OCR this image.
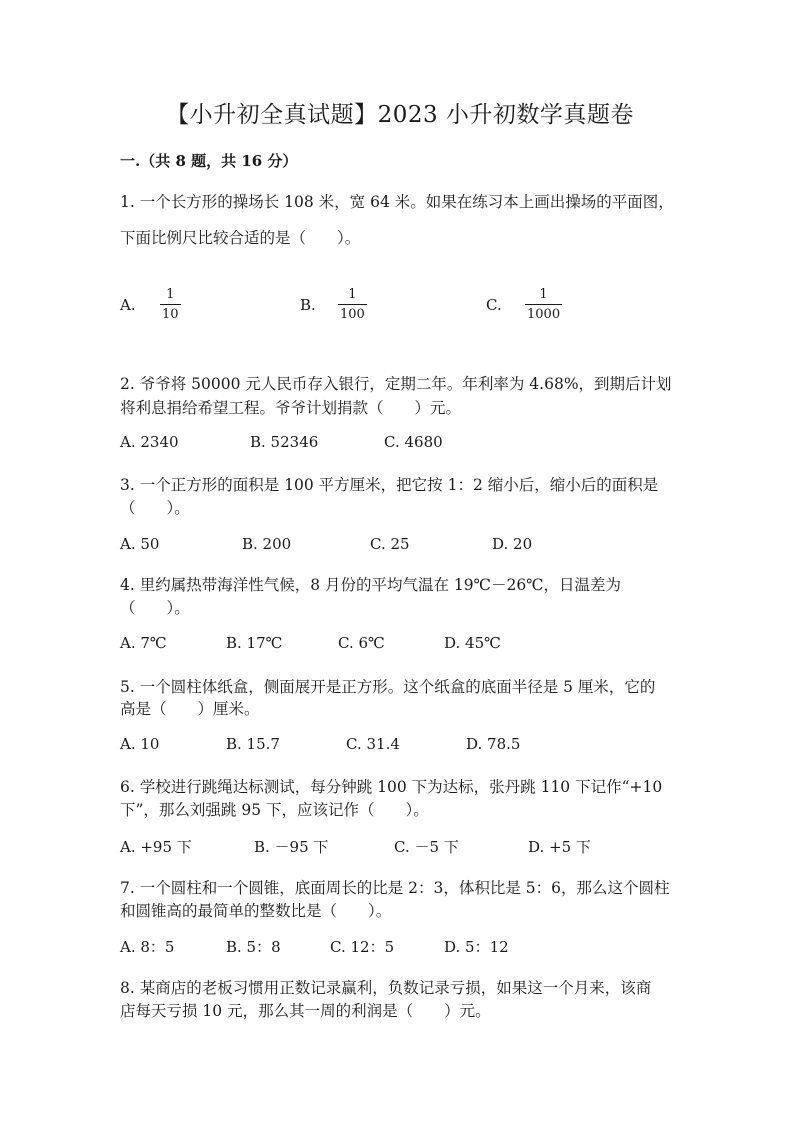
【小升初全真试题】2023 小升初数学真题卷
一.（共 8 题，共 16 分）
1. 一个长方形的操场长 108 米，宽 64 米。如果在练习本上画出操场的平面图，
下面比例尺比较合适的是（　　）。
A. $\frac{1}{10}$	B. $\frac{1}{100}$	C. $\frac{1}{1000}$
2. 爷爷将 50000 元人民币存入银行，定期二年。年利率为 4.68%，到期后计划
将利息捐给希望工程。爷爷计划捐款（　　）元。
A. 2340	B. 52346	C. 4680
3. 一个正方形的面积是 100 平方厘米，把它按 1：2 缩小后，缩小后的面积是
（　　）。
A. 50	B. 200	C. 25	D. 20
4. 里约属热带海洋性气候，8 月份的平均气温在 19℃－26℃，日温差为
（　　）。
A. 7℃	B. 17℃	C. 6℃	D. 45℃
5. 一个圆柱体纸盒，侧面展开是正方形。这个纸盒的底面半径是 5 厘米，它的
高是（　　）厘米。
A. 10	B. 15.7	C. 31.4	D. 78.5
6. 学校进行跳绳达标测试，每分钟跳 100 下为达标，张丹跳 110 下记作“+10
下”，那么刘强跳 95 下，应该记作（　　）。
A. +95 下	B. －95 下	C. －5 下	D. +5 下
7. 一个圆柱和一个圆锥，底面周长的比是 2：3，体积比是 5：6，那么这个圆柱
和圆锥高的最简单的整数比是（　　）。
A. 8：5	B. 5：8	C. 12：5	D. 5：12
8. 某商店的老板习惯用正数记录赢利，负数记录亏损，如果这一个月来，该商
店每天亏损 10 元，那么其一周的利润是（　　）元。
